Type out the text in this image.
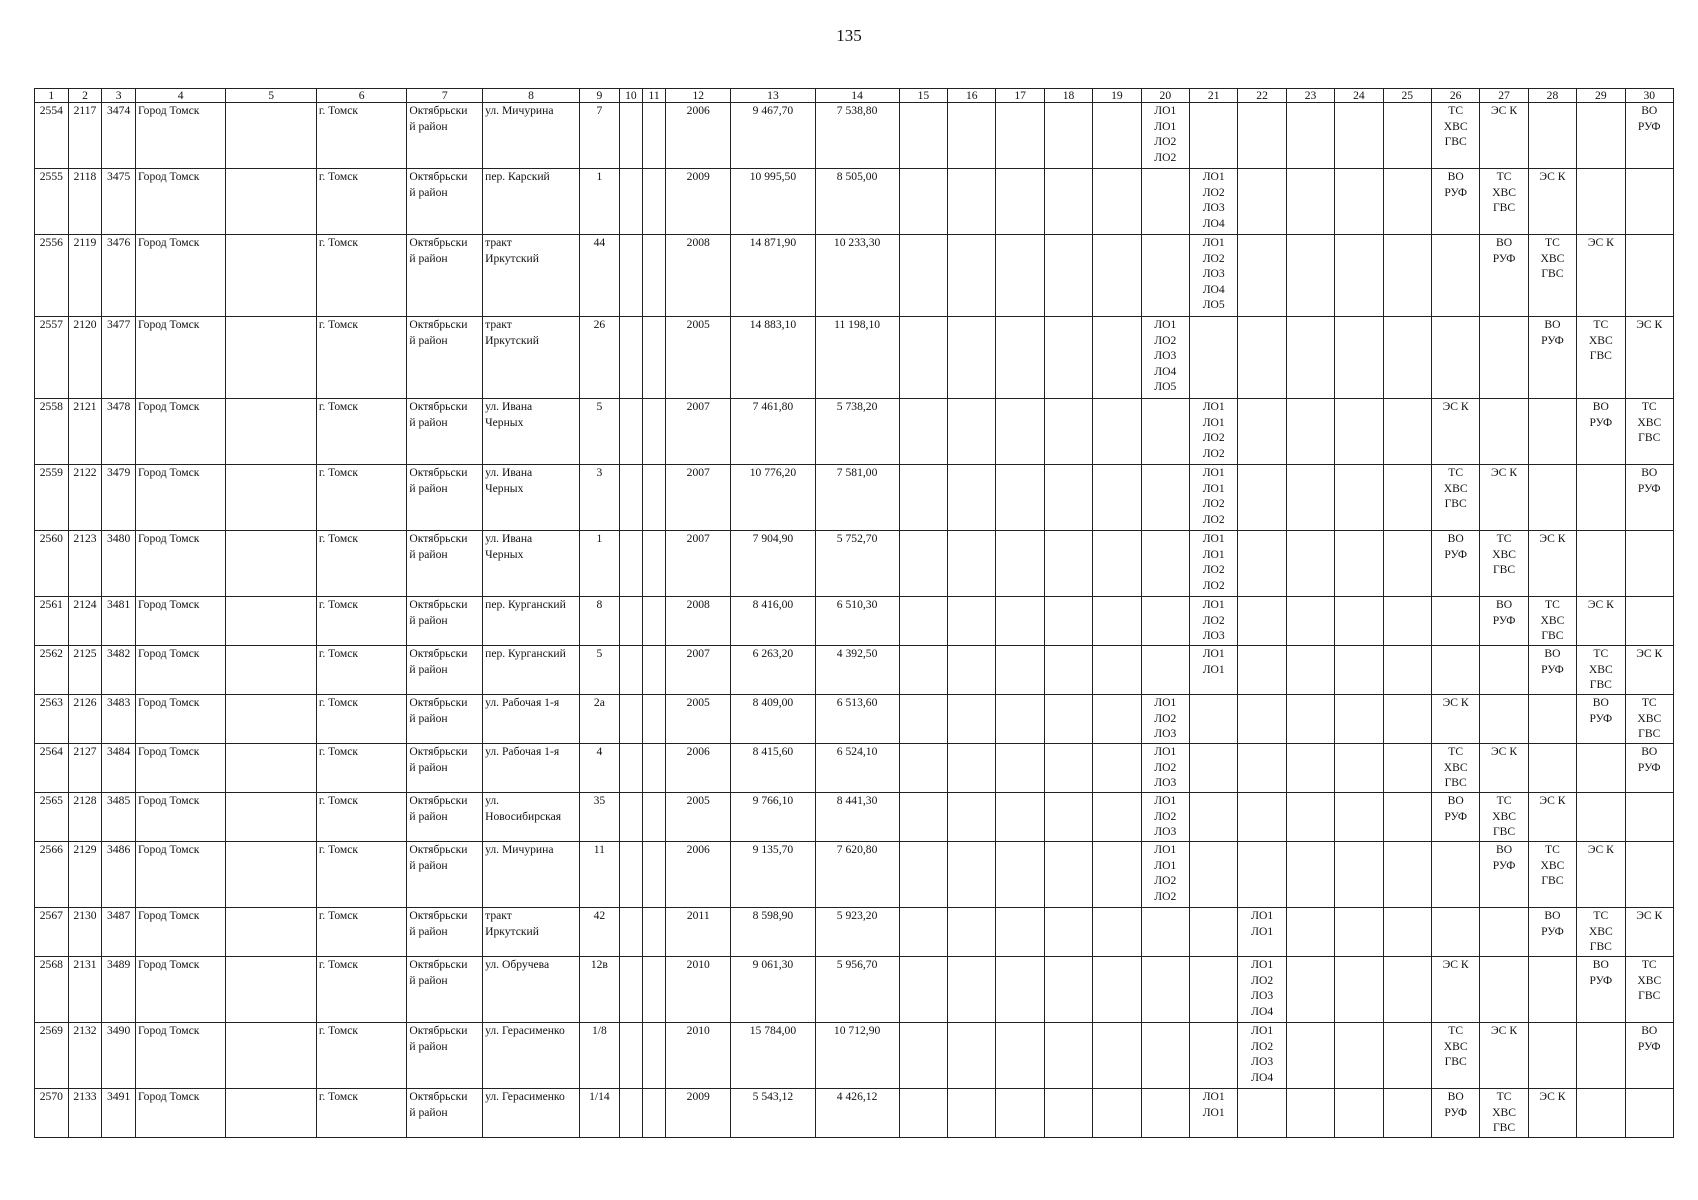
135
1	2	3	4	5	6	7	8	9	10	11	12	13	14	15	16	17	18	19	20	21	22	23	24	25	26	27	28	29	30
2554	2117	3474	Город Томск		г. Томск	Октябрьски
й район	ул. Мичурина	7			2006	9 467,70	7 538,80						ЛО1
ЛО1
ЛО2
ЛО2						ТС
ХВС
ГВС	ЭС К			ВО
РУФ
2555	2118	3475	Город Томск		г. Томск	Октябрьски
й район	пер. Карский	1			2009	10 995,50	8 505,00							ЛО1
ЛО2
ЛО3
ЛО4					ВО
РУФ	ТС
ХВС
ГВС	ЭС К		
2556	2119	3476	Город Томск		г. Томск	Октябрьски
й район	тракт
Иркутский	44			2008	14 871,90	10 233,30							ЛО1
ЛО2
ЛО3
ЛО4
ЛО5						ВО
РУФ	ТС
ХВС
ГВС	ЭС К	
2557	2120	3477	Город Томск		г. Томск	Октябрьски
й район	тракт
Иркутский	26			2005	14 883,10	11 198,10						ЛО1
ЛО2
ЛО3
ЛО4
ЛО5								ВО
РУФ	ТС
ХВС
ГВС	ЭС К
2558	2121	3478	Город Томск		г. Томск	Октябрьски
й район	ул. Ивана
Черных	5			2007	7 461,80	5 738,20							ЛО1
ЛО1
ЛО2
ЛО2					ЭС К			ВО
РУФ	ТС
ХВС
ГВС
2559	2122	3479	Город Томск		г. Томск	Октябрьски
й район	ул. Ивана
Черных	3			2007	10 776,20	7 581,00							ЛО1
ЛО1
ЛО2
ЛО2					ТС
ХВС
ГВС	ЭС К			ВО
РУФ
2560	2123	3480	Город Томск		г. Томск	Октябрьски
й район	ул. Ивана
Черных	1			2007	7 904,90	5 752,70							ЛО1
ЛО1
ЛО2
ЛО2					ВО
РУФ	ТС
ХВС
ГВС	ЭС К		
2561	2124	3481	Город Томск		г. Томск	Октябрьски
й район	пер. Курганский	8			2008	8 416,00	6 510,30							ЛО1
ЛО2
ЛО3						ВО
РУФ	ТС
ХВС
ГВС	ЭС К	
2562	2125	3482	Город Томск		г. Томск	Октябрьски
й район	пер. Курганский	5			2007	6 263,20	4 392,50							ЛО1
ЛО1							ВО
РУФ	ТС
ХВС
ГВС	ЭС К
2563	2126	3483	Город Томск		г. Томск	Октябрьски
й район	ул. Рабочая 1-я	2а			2005	8 409,00	6 513,60						ЛО1
ЛО2
ЛО3						ЭС К			ВО
РУФ	ТС
ХВС
ГВС
2564	2127	3484	Город Томск		г. Томск	Октябрьски
й район	ул. Рабочая 1-я	4			2006	8 415,60	6 524,10						ЛО1
ЛО2
ЛО3						ТС
ХВС
ГВС	ЭС К			ВО
РУФ
2565	2128	3485	Город Томск		г. Томск	Октябрьски
й район	ул.
Новосибирская	35			2005	9 766,10	8 441,30						ЛО1
ЛО2
ЛО3						ВО
РУФ	ТС
ХВС
ГВС	ЭС К		
2566	2129	3486	Город Томск		г. Томск	Октябрьски
й район	ул. Мичурина	11			2006	9 135,70	7 620,80						ЛО1
ЛО1
ЛО2
ЛО2							ВО
РУФ	ТС
ХВС
ГВС	ЭС К	
2567	2130	3487	Город Томск		г. Томск	Октябрьски
й район	тракт
Иркутский	42			2011	8 598,90	5 923,20								ЛО1
ЛО1						ВО
РУФ	ТС
ХВС
ГВС	ЭС К
2568	2131	3489	Город Томск		г. Томск	Октябрьски
й район	ул. Обручева	12в			2010	9 061,30	5 956,70								ЛО1
ЛО2
ЛО3
ЛО4				ЭС К			ВО
РУФ	ТС
ХВС
ГВС
2569	2132	3490	Город Томск		г. Томск	Октябрьски
й район	ул. Герасименко	1/8			2010	15 784,00	10 712,90								ЛО1
ЛО2
ЛО3
ЛО4				ТС
ХВС
ГВС	ЭС К			ВО
РУФ
2570	2133	3491	Город Томск		г. Томск	Октябрьски
й район	ул. Герасименко	1/14			2009	5 543,12	4 426,12							ЛО1
ЛО1					ВО
РУФ	ТС
ХВС
ГВС	ЭС К		
